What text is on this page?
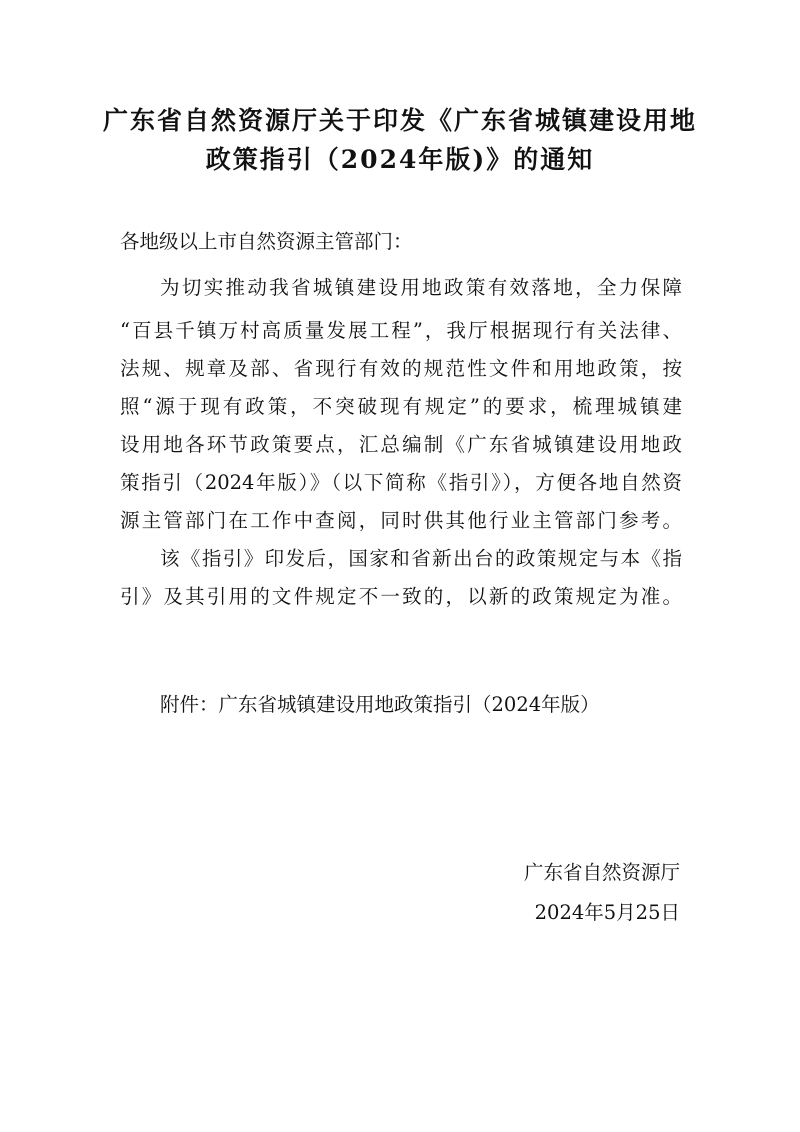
广东省自然资源厅关于印发《广东省城镇建设用地
政策指引（2024年版)》的通知
各地级以上市自然资源主管部门：
为切实推动我省城镇建设用地政策有效落地，全力保障
“百县千镇万村高质量发展工程”，我厅根据现行有关法律、
法规、规章及部、省现行有效的规范性文件和用地政策，按
照“源于现有政策，不突破现有规定”的要求，梳理城镇建
设用地各环节政策要点，汇总编制《广东省城镇建设用地政
策指引（2024年版）》（以下简称《指引》），方便各地自然资
源主管部门在工作中查阅，同时供其他行业主管部门参考。
该《指引》印发后，国家和省新出台的政策规定与本《指
引》及其引用的文件规定不一致的，以新的政策规定为准。
附件：广东省城镇建设用地政策指引（2024年版）
广东省自然资源厅
2024年5月25日
